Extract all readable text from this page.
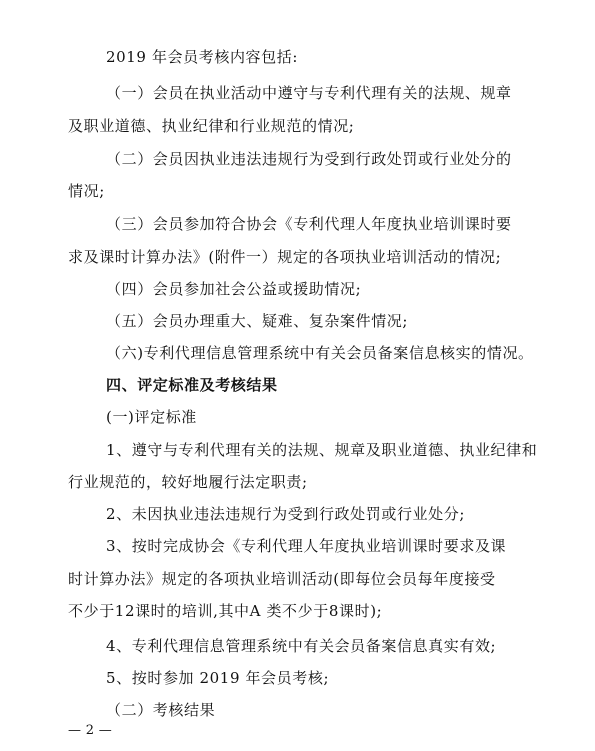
2019 年会员考核内容包括:
（一）会员在执业活动中遵守与专利代理有关的法规、规章
及职业道德、执业纪律和行业规范的情况;
（二）会员因执业违法违规行为受到行政处罚或行业处分的
情况;
（三）会员参加符合协会《专利代理人年度执业培训课时要
求及课时计算办法》(附件一）规定的各项执业培训活动的情况;
（四）会员参加社会公益或援助情况;
（五）会员办理重大、疑难、复杂案件情况;
（六)专利代理信息管理系统中有关会员备案信息核实的情况。
四、评定标准及考核结果
(一)评定标准
1、遵守与专利代理有关的法规、规章及职业道德、执业纪律和
行业规范的，较好地履行法定职责;
2、未因执业违法违规行为受到行政处罚或行业处分;
3、按时完成协会《专利代理人年度执业培训课时要求及课
时计算办法》规定的各项执业培训活动(即每位会员每年度接受
不少于12课时的培训,其中A 类不少于8课时);
4、专利代理信息管理系统中有关会员备案信息真实有效;
5、按时参加 2019 年会员考核;
（二）考核结果
— 2 —
